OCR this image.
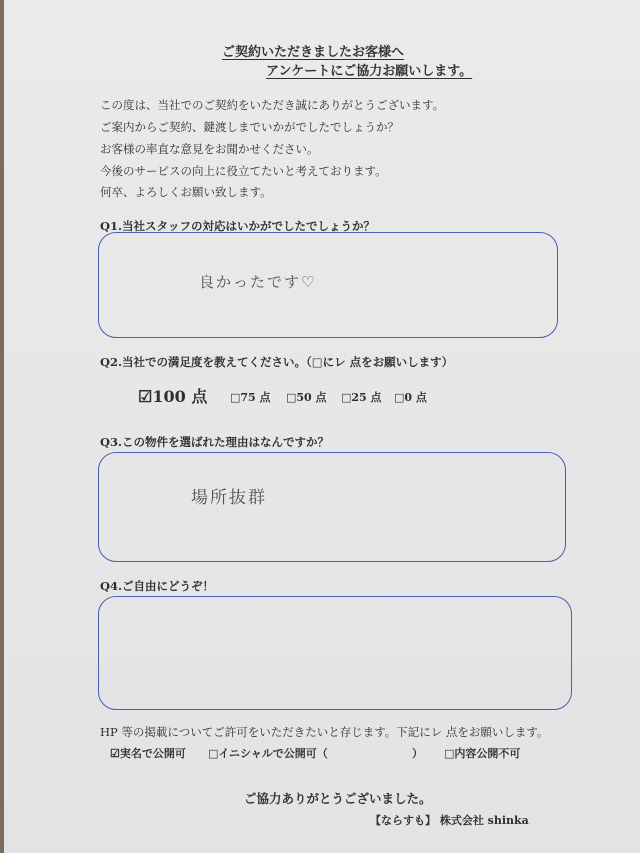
ご契約いただきましたお客様へ
アンケートにご協力お願いします。
この度は、当社でのご契約をいただき誠にありがとうございます。
ご案内からご契約、鍵渡しまでいかがでしたでしょうか？
お客様の率直な意見をお聞かせください。
今後のサービスの向上に役立てたいと考えております。
何卒、よろしくお願い致します。
Q1.当社スタッフの対応はいかがでしたでしょうか？
良かったです♡
Q2.当社での満足度を教えてください。（□にレ 点をお願いします）
☑100 点 □75 点 □50 点 □25 点 □0 点
Q3.この物件を選ばれた理由はなんですか？
場所抜群
Q4.ご自由にどうぞ！
HP 等の掲載についてご許可をいただきたいと存じます。下記にレ 点をお願いします。
☑実名で公開可 □イニシャルで公開可（	） □内容公開不可
ご協力ありがとうございました。
【ならすも】 株式会社 shinka
